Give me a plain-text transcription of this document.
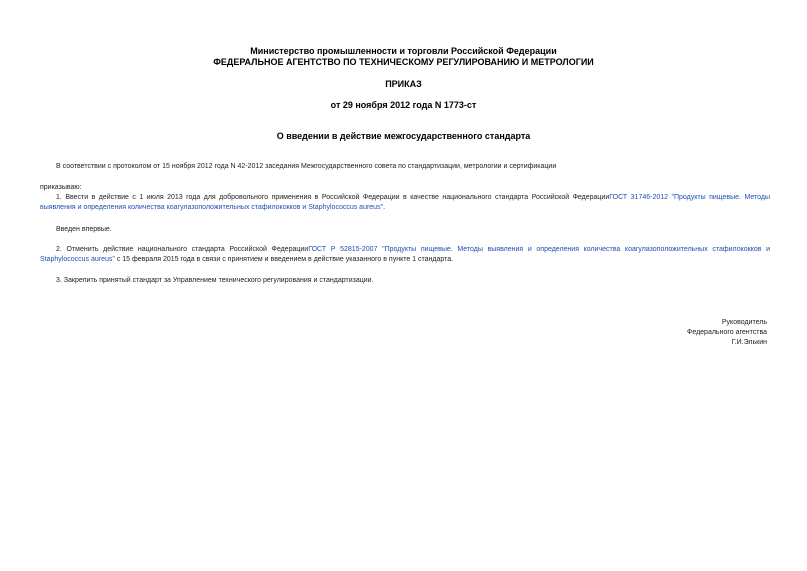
Министерство промышленности и торговли Российской Федерации
ФЕДЕРАЛЬНОЕ АГЕНТСТВО ПО ТЕХНИЧЕСКОМУ РЕГУЛИРОВАНИЮ И МЕТРОЛОГИИ
ПРИКАЗ
от 29 ноября 2012 года N 1773-ст
О введении в действие межгосударственного стандарта
В соответствии с протоколом от 15 ноября 2012 года N 42-2012 заседания Межгосударственного совета по стандартизации, метрологии и сертификации
приказываю:
1. Ввести в действие с 1 июля 2013 года для добровольного применения в Российской Федерации в качестве национального стандарта Российской ФедерацииГОСТ 31746-2012 "Продукты пищевые. Методы выявления и определения количества коагулазоположительных стафилококков и Staphylococcus aureus".
Введен впервые.
2. Отменить действие национального стандарта Российской ФедерацииГОСТ Р 52815-2007 "Продукты пищевые. Методы выявления и определения количества коагулазоположительных стафилококков и Staphylococcus aureus" с 15 февраля 2015 года в связи с принятием и введением в действие указанного в пункте 1 стандарта.
3. Закрепить принятый стандарт за Управлением технического регулирования и стандартизации.
Руководитель
Федерального агентства
Г.И.Элькин
